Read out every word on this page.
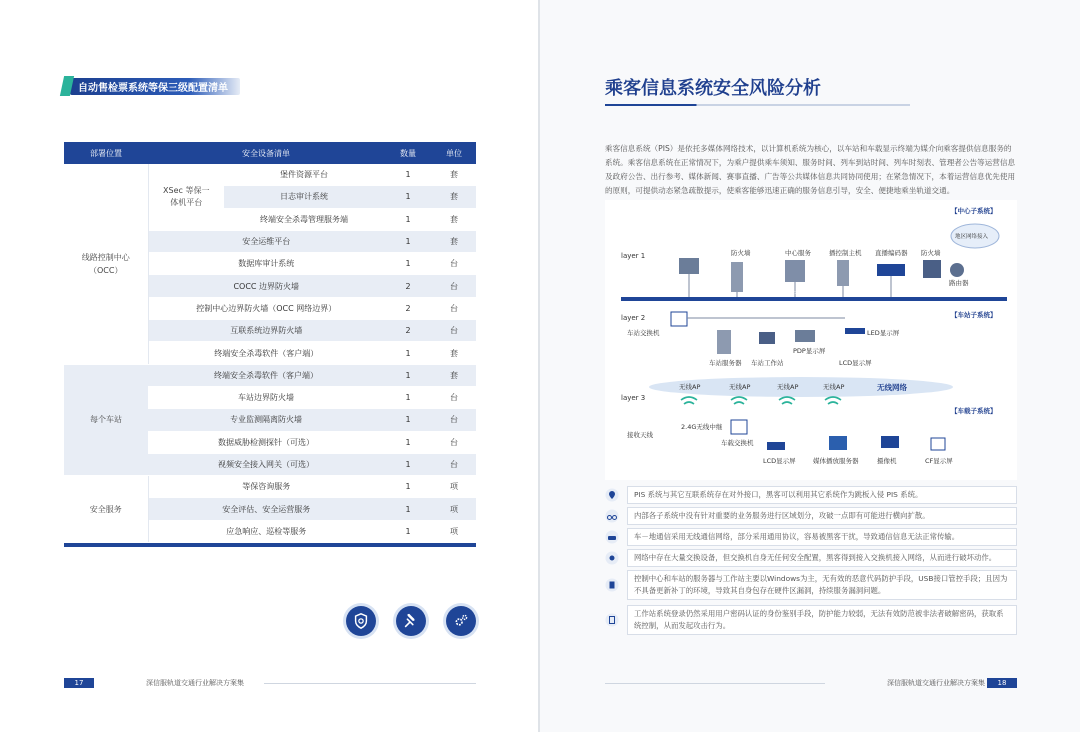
自动售检票系统等保三级配置清单
部署位置	安全设备清单		数量	单位
线路控制中心（OCC）	XSec 等保一体机平台	堡件资源平台	1	套
		日志审计系统	1	套
		终端安全杀毒管理服务端	1	套
	安全运维平台		1	套
	数据库审计系统		1	台
	COCC 边界防火墙		2	台
	控制中心边界防火墙（OCC 网络边界）		2	台
	互联系统边界防火墙		2	台
	终端安全杀毒软件（客户端）		1	套
每个车站	终端安全杀毒软件（客户端）		1	套
	车站边界防火墙		1	台
	专业监测隔离防火墙		1	台
	数据威胁检测探针（可选）		1	台
	视频安全接入网关（可选）		1	台
安全服务	等保咨询服务		1	项
	安全评估、安全运营服务		1	项
	应急响应、巡检等服务		1	项

17	深信服轨道交通行业解决方案集
乘客信息系统安全风险分析
乘客信息系统（PIS）是依托多媒体网络技术，以计算机系统为核心，以车站和车载显示终端为媒介向乘客提供信息服务的系统。乘客信息系统在正常情况下，为乘户提供乘车须知、服务时间、列车到站时间、列车时刻表、管理者公告等运营信息及政府公告、出行参考、媒体新闻、赛事直播、广告等公共媒体信息共同协同使用；在紧急情况下，本着运营信息优先使用的原则，可提供动态紧急疏散提示，使乘客能够迅速正确的服务信息引导，安全、便捷地乘坐轨道交通。
【中心子系统】
【车站子系统】
【车载子系统】
layer 1
layer 2
layer 3
防火墙	中心服务	播控制主机 直播编码器 防火墙
地区网络接入
路由器
骨干网 IP 网
车站交换机
车站服务器 车站工作站
PDP显示屏
LED显示屏
LCD显示屏
无线网络
无线AP	无线AP	无线AP	无线AP
接收天线
2.4G无线中继
车载交换机
LCD显示屏	媒体播放服务器	摄像机	CF显示屏
PIS 系统与其它互联系统存在对外接口，黑客可以利用其它系统作为跳板入侵 PIS 系统。
内部各子系统中没有针对重要的业务服务进行区域划分，攻破一点即有可能进行横向扩散。
车－地通信采用无线通信网络，部分采用通用协议，容易被黑客干扰，导致通信信息无法正常传输。
网络中存在大量交换设备，但交换机自身无任何安全配置，黑客得到接入交换机接入网络，从而进行破坏动作。
控制中心和车站的服务器与工作站主要以Windows为主，无有效的恶意代码防护手段，USB接口管控手段；且因为不具备更新补丁的环境，导致其自身包存在硬件区漏洞，持续服务漏洞问题。
工作站系统登录仍然采用用户密码认证的身份鉴别手段，防护能力较弱，无法有效防范被非法者破解密码，获取系统控制，从而发起攻击行为。
深信服轨道交通行业解决方案集	18
